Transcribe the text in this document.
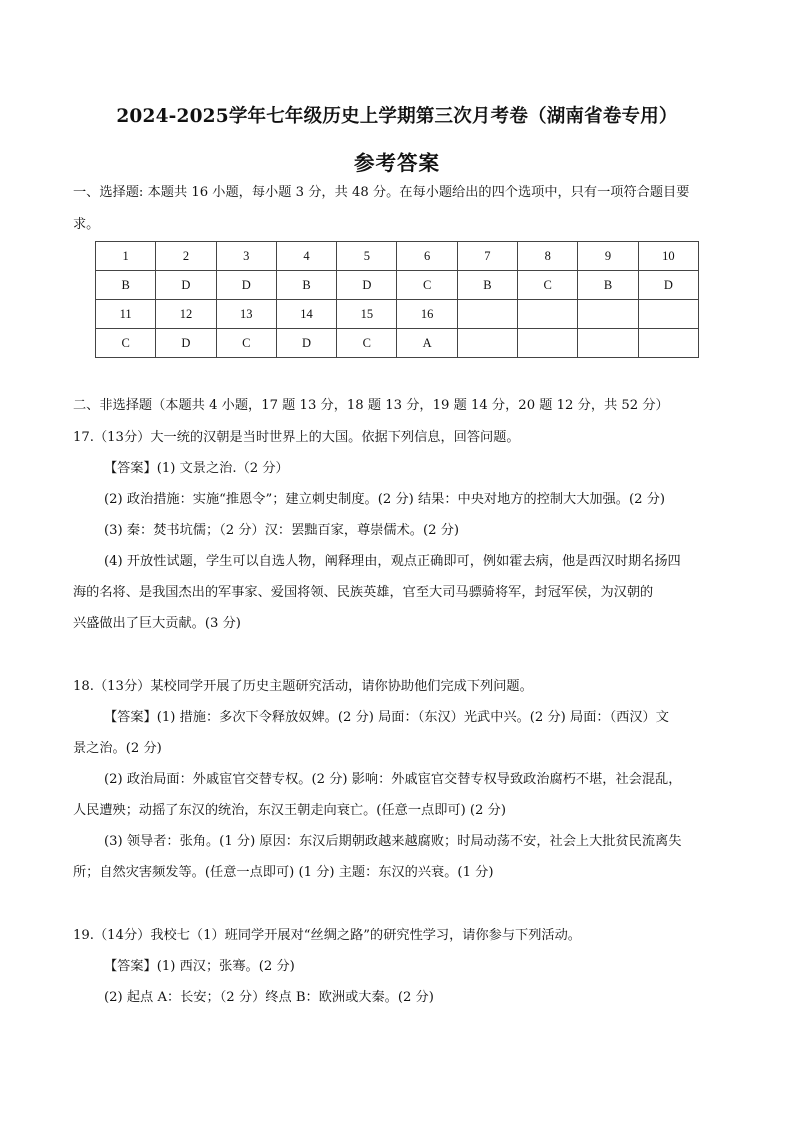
2024-2025学年七年级历史上学期第三次月考卷（湖南省卷专用）
参考答案
一、选择题: 本题共 16 小题，每小题 3 分，共 48 分。在每小题给出的四个选项中，只有一项符合题目要
求。
1	2	3	4	5	6	7	8	9	10
B	D	D	B	D	C	B	C	B	D
11	12	13	14	15	16				
C	D	C	D	C	A				
二、非选择题（本题共 4 小题，17 题 13 分，18 题 13 分，19 题 14 分，20 题 12 分，共 52 分）
17.（13分）大一统的汉朝是当时世界上的大国。依据下列信息，回答问题。
【答案】(1) 文景之治.（2 分）
(2) 政治措施：实施“推恩令”；建立刺史制度。(2 分) 结果：中央对地方的控制大大加强。(2 分)
(3) 秦：焚书坑儒；（2 分）汉：罢黜百家，尊崇儒术。(2 分)
(4) 开放性试题，学生可以自选人物，阐释理由，观点正确即可，例如霍去病，他是西汉时期名扬四
海的名将、是我国杰出的军事家、爱国将领、民族英雄，官至大司马骠骑将军，封冠军侯，为汉朝的
兴盛做出了巨大贡献。(3 分)
18.（13分）某校同学开展了历史主题研究活动，请你协助他们完成下列问题。
【答案】(1) 措施：多次下令释放奴婢。(2 分) 局面：（东汉）光武中兴。(2 分) 局面：（西汉）文
景之治。(2 分)
(2) 政治局面：外戚宦官交替专权。(2 分) 影响：外戚宦官交替专权导致政治腐朽不堪，社会混乱，
人民遭殃；动摇了东汉的统治，东汉王朝走向衰亡。(任意一点即可) (2 分)
(3) 领导者：张角。(1 分) 原因：东汉后期朝政越来越腐败；时局动荡不安，社会上大批贫民流离失
所；自然灾害频发等。(任意一点即可) (1 分) 主题：东汉的兴衰。(1 分)
19.（14分）我校七（1）班同学开展对“丝绸之路”的研究性学习，请你参与下列活动。
【答案】(1) 西汉；张骞。(2 分)
(2) 起点 A：长安；（2 分）终点 B：欧洲或大秦。(2 分)
